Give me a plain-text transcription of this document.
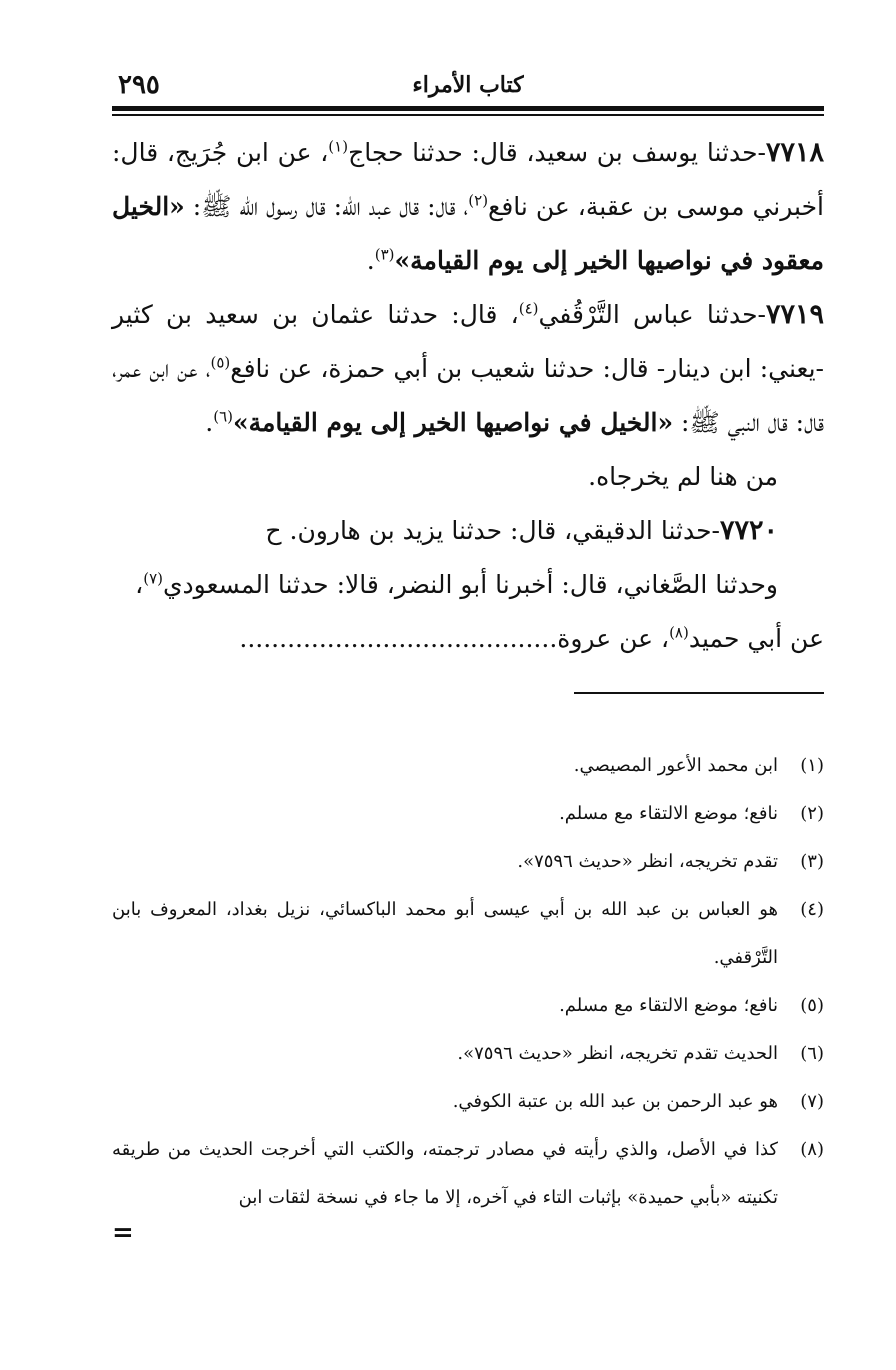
كتاب الأمراء
٢٩٥

٧٧١٨-حدثنا يوسف بن سعيد، قال: حدثنا حجاج$^{(١)}$، عن ابن جُرَيج، قال: أخبرني موسى بن عقبة، عن نافع$^{(٢)}$، قال: قال عبد الله: قال رسول الله ﷺ: «الخيل معقود في نواصيها الخير إلى يوم القيامة»$^{(٣)}$.

٧٧١٩-حدثنا عباس التَّرْقُفي$^{(٤)}$، قال: حدثنا عثمان بن سعيد بن كثير -يعني: ابن دينار- قال: حدثنا شعيب بن أبي حمزة، عن نافع$^{(٥)}$، عن ابن عمر، قال: قال النبي ﷺ: «الخيل في نواصيها الخير إلى يوم القيامة»$^{(٦)}$.

من هنا لم يخرجاه.

٧٧٢٠-حدثنا الدقيقي، قال: حدثنا يزيد بن هارون. ح

وحدثنا الصَّغاني، قال: أخبرنا أبو النضر، قالا: حدثنا المسعودي$^{(٧)}$،

عن أبي حميد$^{(٨)}$، عن عروة........................................

(١)
ابن محمد الأعور المصيصي.
(٢)
نافع؛ موضع الالتقاء مع مسلم.
(٣)
تقدم تخريجه، انظر «حديث ٧٥٩٦».
(٤)
هو العباس بن عبد الله بن أبي عيسى أبو محمد الباكسائي، نزيل بغداد، المعروف بابن التَّرْقفي.
(٥)
نافع؛ موضع الالتقاء مع مسلم.
(٦)
الحديث تقدم تخريجه، انظر «حديث ٧٥٩٦».
(٧)
هو عبد الرحمن بن عبد الله بن عتبة الكوفي.
(٨)
كذا في الأصل، والذي رأيته في مصادر ترجمته، والكتب التي أخرجت الحديث من طريقه تكنيته «بأبي حميدة» بإثبات التاء في آخره، إلا ما جاء في نسخة لثقات ابن
=
